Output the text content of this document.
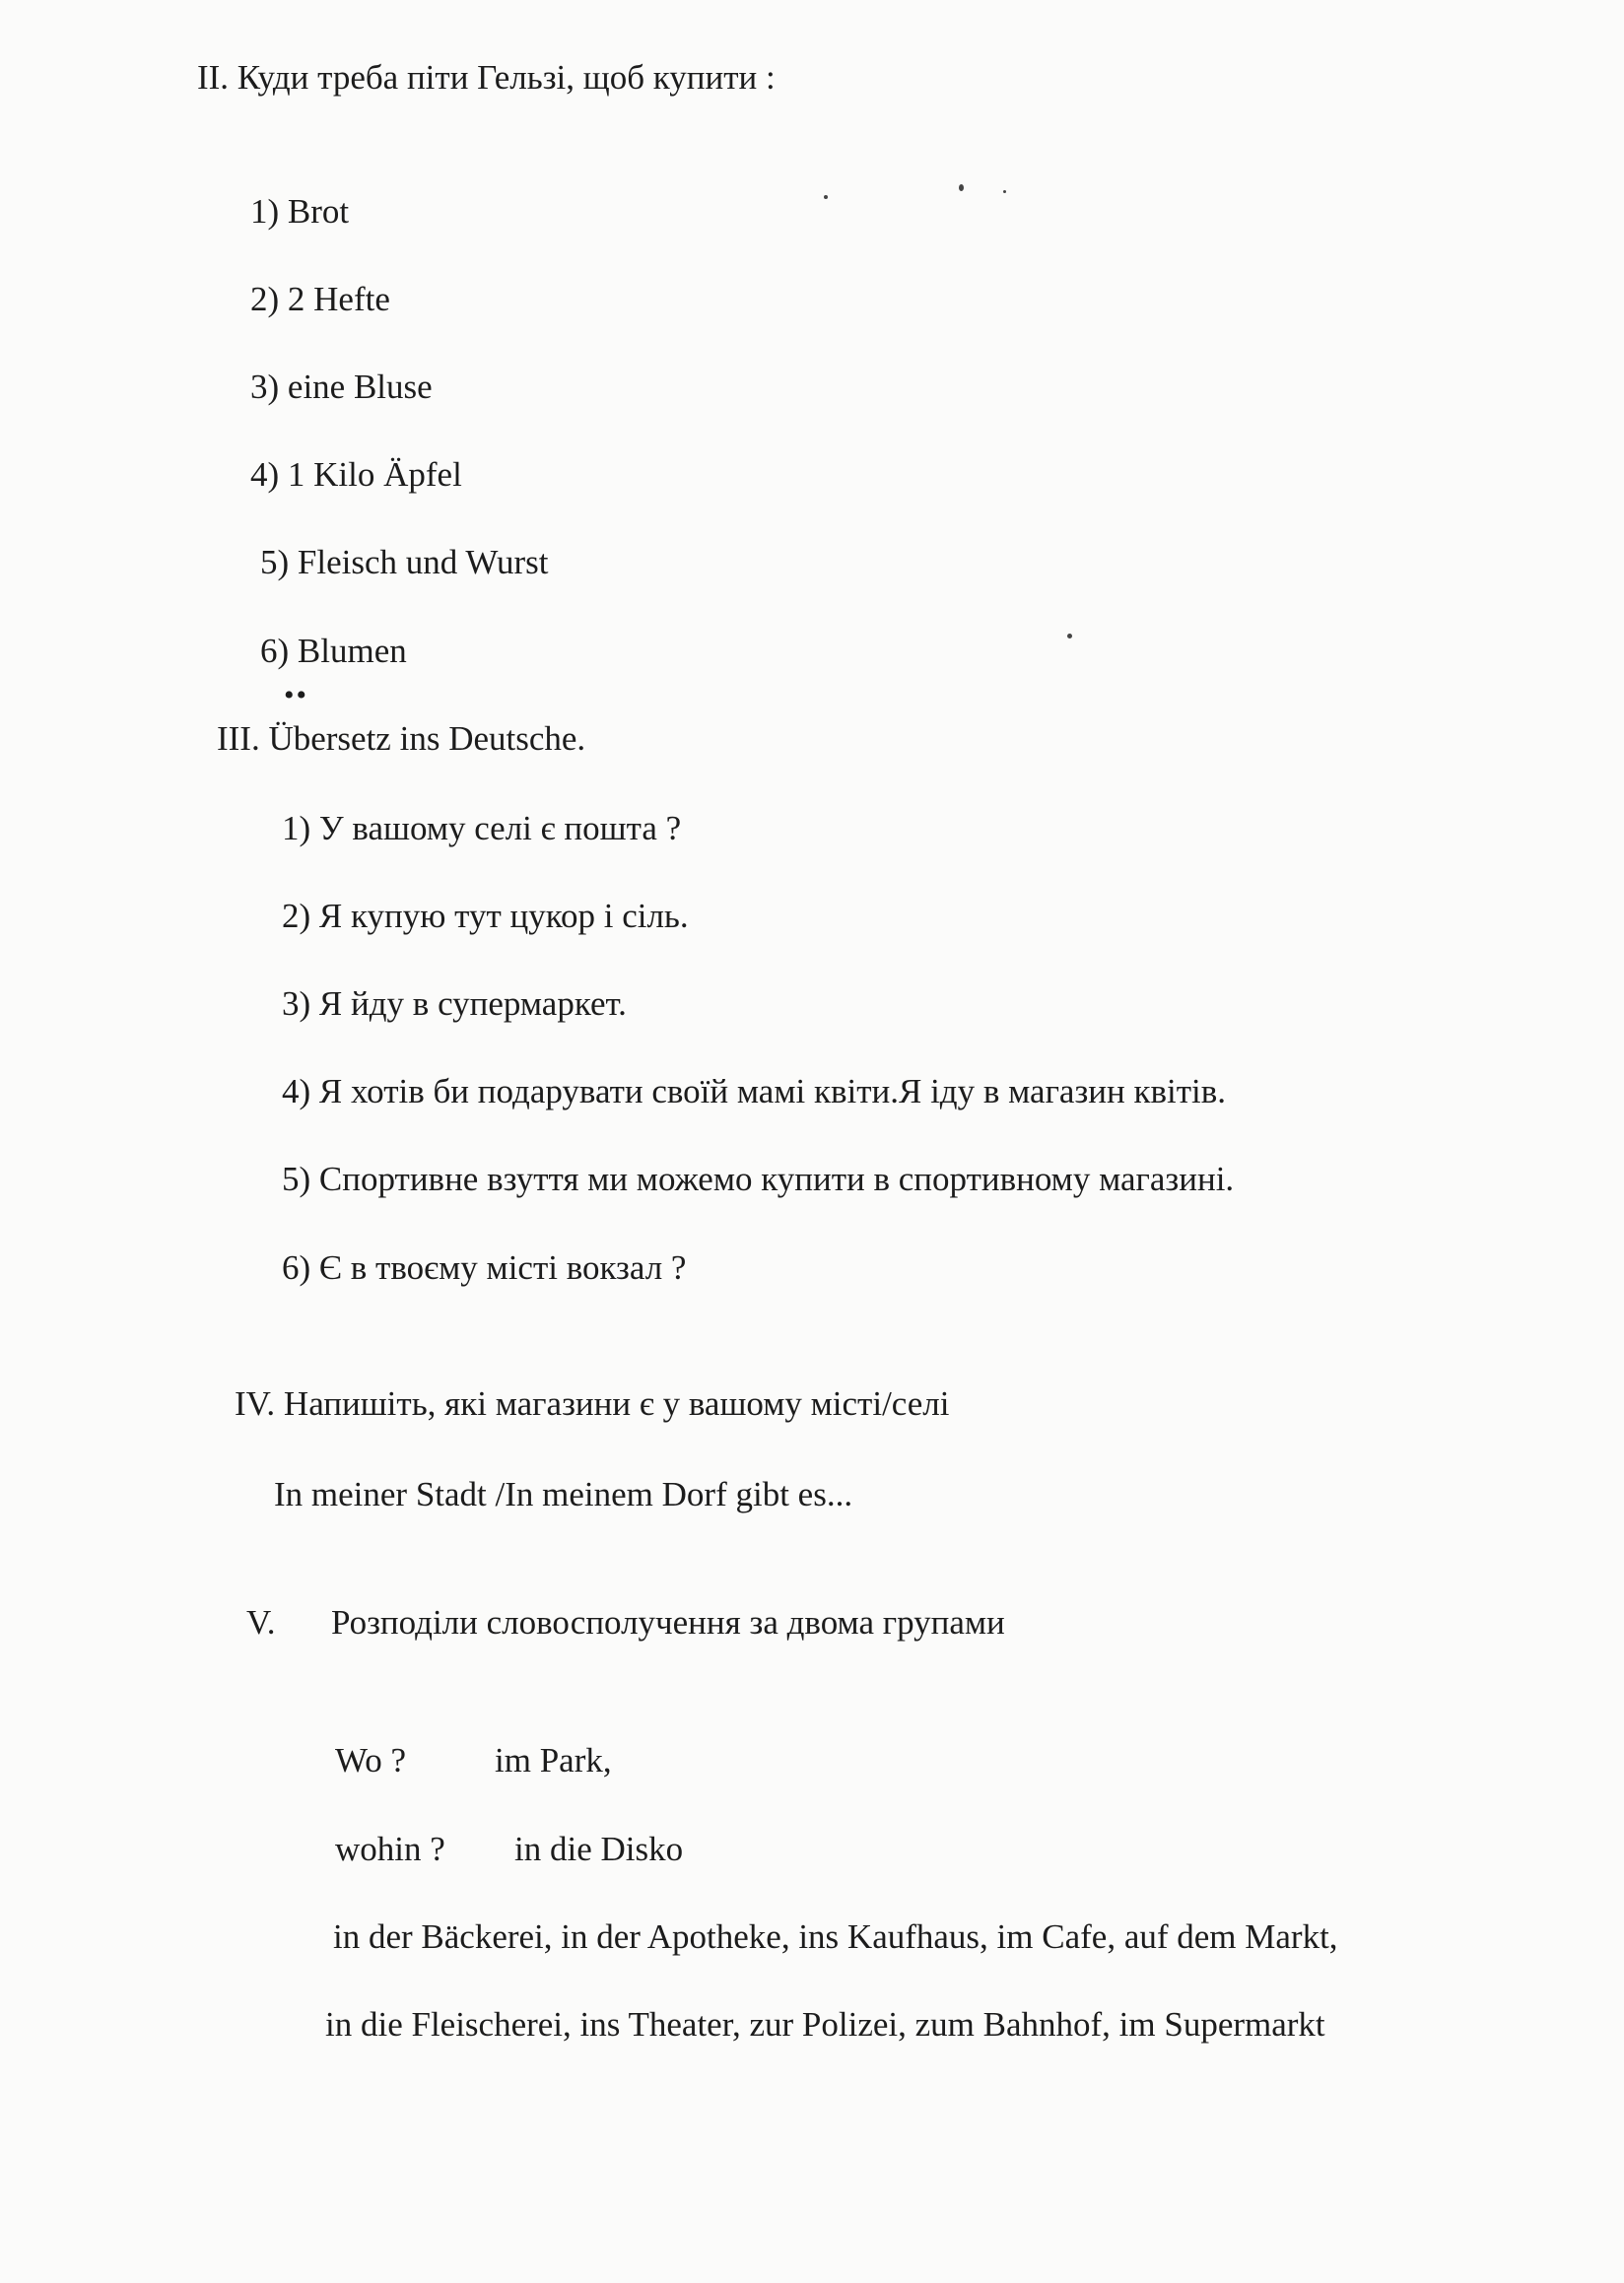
II. Куди треба піти Гельзі, щоб купити :
1) Brot
2) 2 Hefte
3) eine Bluse
4) 1 Kilo Äpfel
5) Fleisch und Wurst
6) Blumen
••
III. Übersetz ins Deutsche.
1) У вашому селі є пошта ?
2) Я купую тут цукор і сіль.
3) Я йду в супермаркет.
4) Я хотів би подарувати своїй мамі квіти.Я іду в магазин квітів.
5) Спортивне взуття ми можемо купити в спортивному магазині.
6) Є в твоєму місті вокзал ?
IV. Напишіть, які магазини є у вашому місті/селі
In meiner Stadt /In meinem Dorf gibt es...
V. Розподіли словосполучення за двома групами
Wo ?	im Park,
wohin ? in die Disko
in der Bäckerei, in der Apotheke, ins Kaufhaus, im Cafe, auf dem Markt,
in die Fleischerei, ins Theater, zur Polizei, zum Bahnhof, im Supermarkt
